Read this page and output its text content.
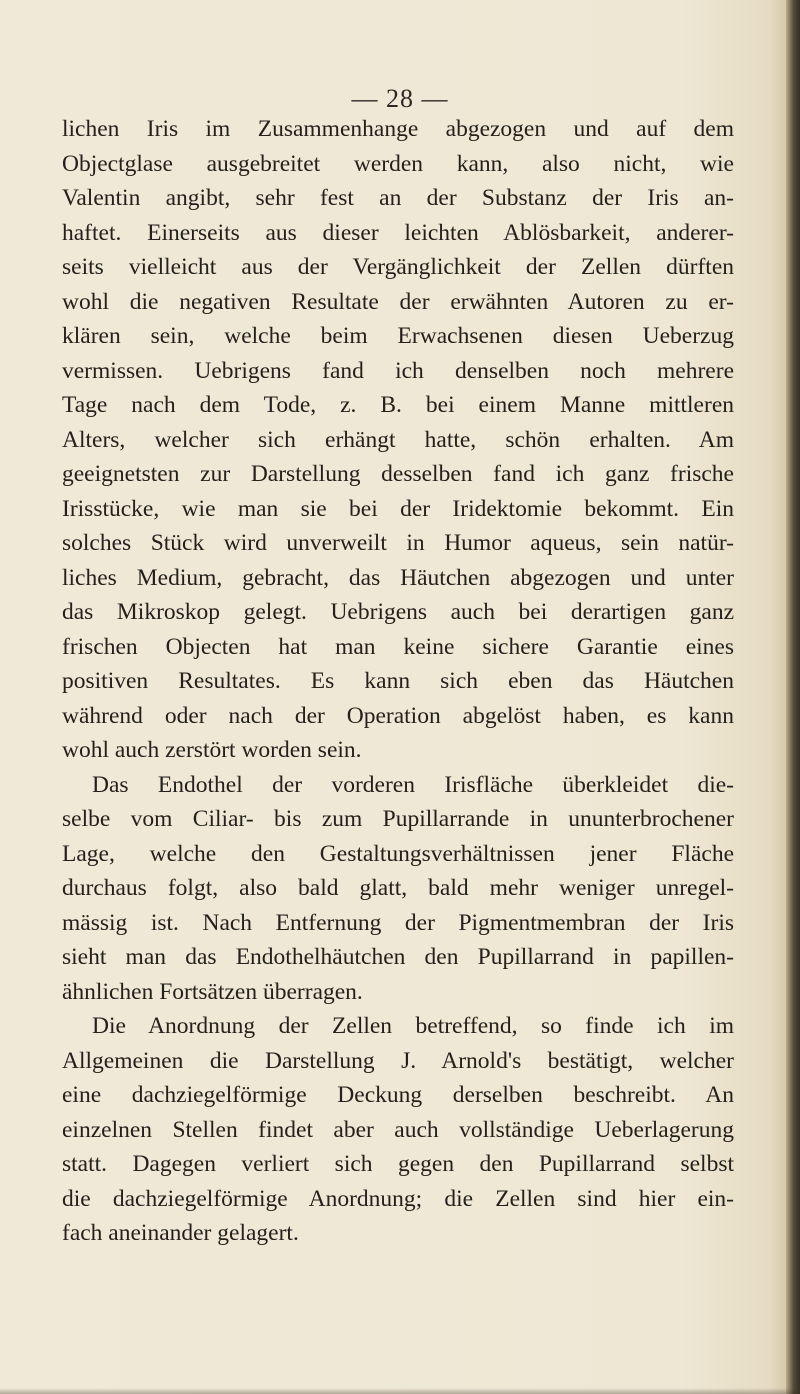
— 28 —
lichen Iris im Zusammenhange abgezogen und auf dem
Objectglase ausgebreitet werden kann, also nicht, wie
Valentin angibt, sehr fest an der Substanz der Iris an-
haftet. Einerseits aus dieser leichten Ablösbarkeit, anderer-
seits vielleicht aus der Vergänglichkeit der Zellen dürften
wohl die negativen Resultate der erwähnten Autoren zu er-
klären sein, welche beim Erwachsenen diesen Ueberzug
vermissen. Uebrigens fand ich denselben noch mehrere
Tage nach dem Tode, z. B. bei einem Manne mittleren
Alters, welcher sich erhängt hatte, schön erhalten. Am
geeignetsten zur Darstellung desselben fand ich ganz frische
Irisstücke, wie man sie bei der Iridektomie bekommt. Ein
solches Stück wird unverweilt in Humor aqueus, sein natür-
liches Medium, gebracht, das Häutchen abgezogen und unter
das Mikroskop gelegt. Uebrigens auch bei derartigen ganz
frischen Objecten hat man keine sichere Garantie eines
positiven Resultates. Es kann sich eben das Häutchen
während oder nach der Operation abgelöst haben, es kann
wohl auch zerstört worden sein.
Das Endothel der vorderen Irisfläche überkleidet die-
selbe vom Ciliar- bis zum Pupillarrande in ununterbrochener
Lage, welche den Gestaltungsverhältnissen jener Fläche
durchaus folgt, also bald glatt, bald mehr weniger unregel-
mässig ist. Nach Entfernung der Pigmentmembran der Iris
sieht man das Endothelhäutchen den Pupillarrand in papillen-
ähnlichen Fortsätzen überragen.
Die Anordnung der Zellen betreffend, so finde ich im
Allgemeinen die Darstellung J. Arnold's bestätigt, welcher
eine dachziegelförmige Deckung derselben beschreibt. An
einzelnen Stellen findet aber auch vollständige Ueberlagerung
statt. Dagegen verliert sich gegen den Pupillarrand selbst
die dachziegelförmige Anordnung; die Zellen sind hier ein-
fach aneinander gelagert.
